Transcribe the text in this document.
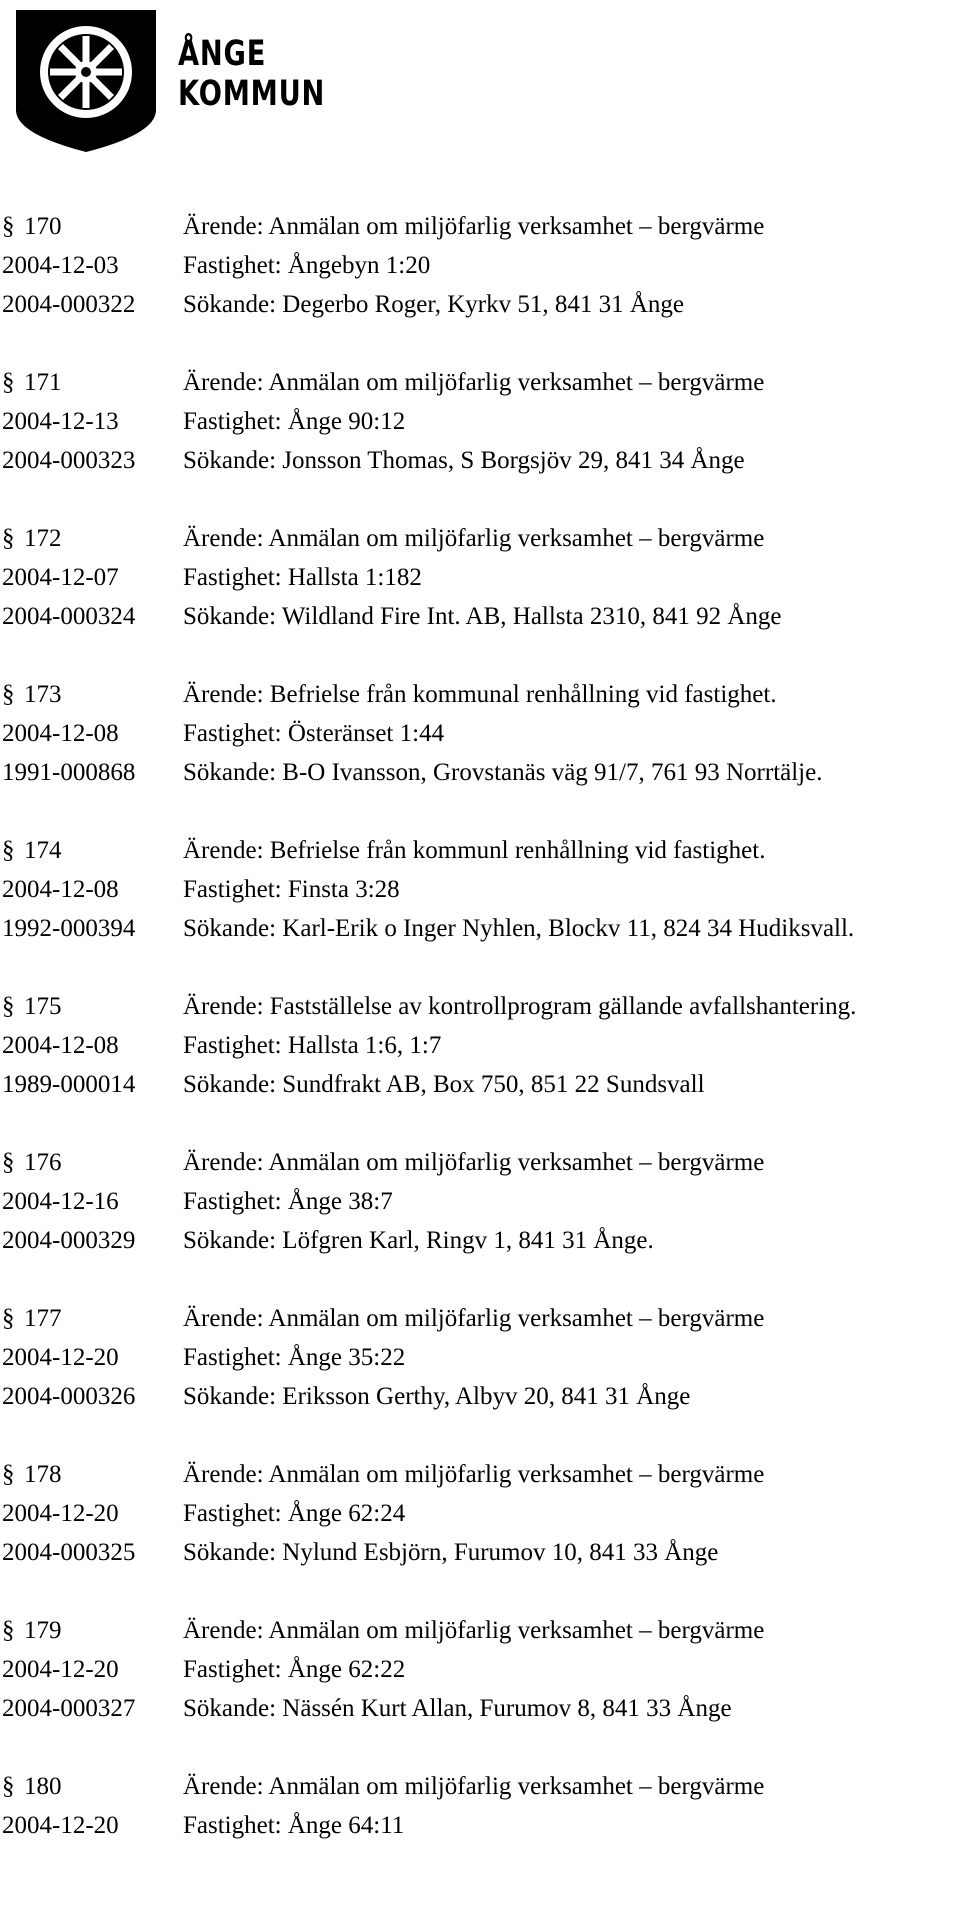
ÅNGE
KOMMUN
§ 170	Ärende: Anmälan om miljöfarlig verksamhet – bergvärme
2004-12-03	Fastighet: Ångebyn 1:20
2004-000322	Sökande: Degerbo Roger, Kyrkv 51, 841 31 Ånge
§ 171	Ärende: Anmälan om miljöfarlig verksamhet – bergvärme
2004-12-13	Fastighet: Ånge 90:12
2004-000323	Sökande: Jonsson Thomas, S Borgsjöv 29, 841 34 Ånge
§ 172	Ärende: Anmälan om miljöfarlig verksamhet – bergvärme
2004-12-07	Fastighet: Hallsta 1:182
2004-000324	Sökande: Wildland Fire Int. AB, Hallsta 2310, 841 92 Ånge
§ 173	Ärende: Befrielse från kommunal renhållning vid fastighet.
2004-12-08	Fastighet: Österänset 1:44
1991-000868	Sökande: B-O Ivansson, Grovstanäs väg 91/7, 761 93 Norrtälje.
§ 174	Ärende: Befrielse från kommunl renhållning vid fastighet.
2004-12-08	Fastighet: Finsta 3:28
1992-000394	Sökande: Karl-Erik o Inger Nyhlen, Blockv 11, 824 34 Hudiksvall.
§ 175	Ärende: Fastställelse av kontrollprogram gällande avfallshantering.
2004-12-08	Fastighet: Hallsta 1:6, 1:7
1989-000014	Sökande: Sundfrakt AB, Box 750, 851 22 Sundsvall
§ 176	Ärende: Anmälan om miljöfarlig verksamhet – bergvärme
2004-12-16	Fastighet: Ånge 38:7
2004-000329	Sökande: Löfgren Karl, Ringv 1, 841 31 Ånge.
§ 177	Ärende: Anmälan om miljöfarlig verksamhet – bergvärme
2004-12-20	Fastighet: Ånge 35:22
2004-000326	Sökande: Eriksson Gerthy, Albyv 20, 841 31 Ånge
§ 178	Ärende: Anmälan om miljöfarlig verksamhet – bergvärme
2004-12-20	Fastighet: Ånge 62:24
2004-000325	Sökande: Nylund Esbjörn, Furumov 10, 841 33 Ånge
§ 179	Ärende: Anmälan om miljöfarlig verksamhet – bergvärme
2004-12-20	Fastighet: Ånge 62:22
2004-000327	Sökande: Nässén Kurt Allan, Furumov 8, 841 33 Ånge
§ 180	Ärende: Anmälan om miljöfarlig verksamhet – bergvärme
2004-12-20	Fastighet: Ånge 64:11
